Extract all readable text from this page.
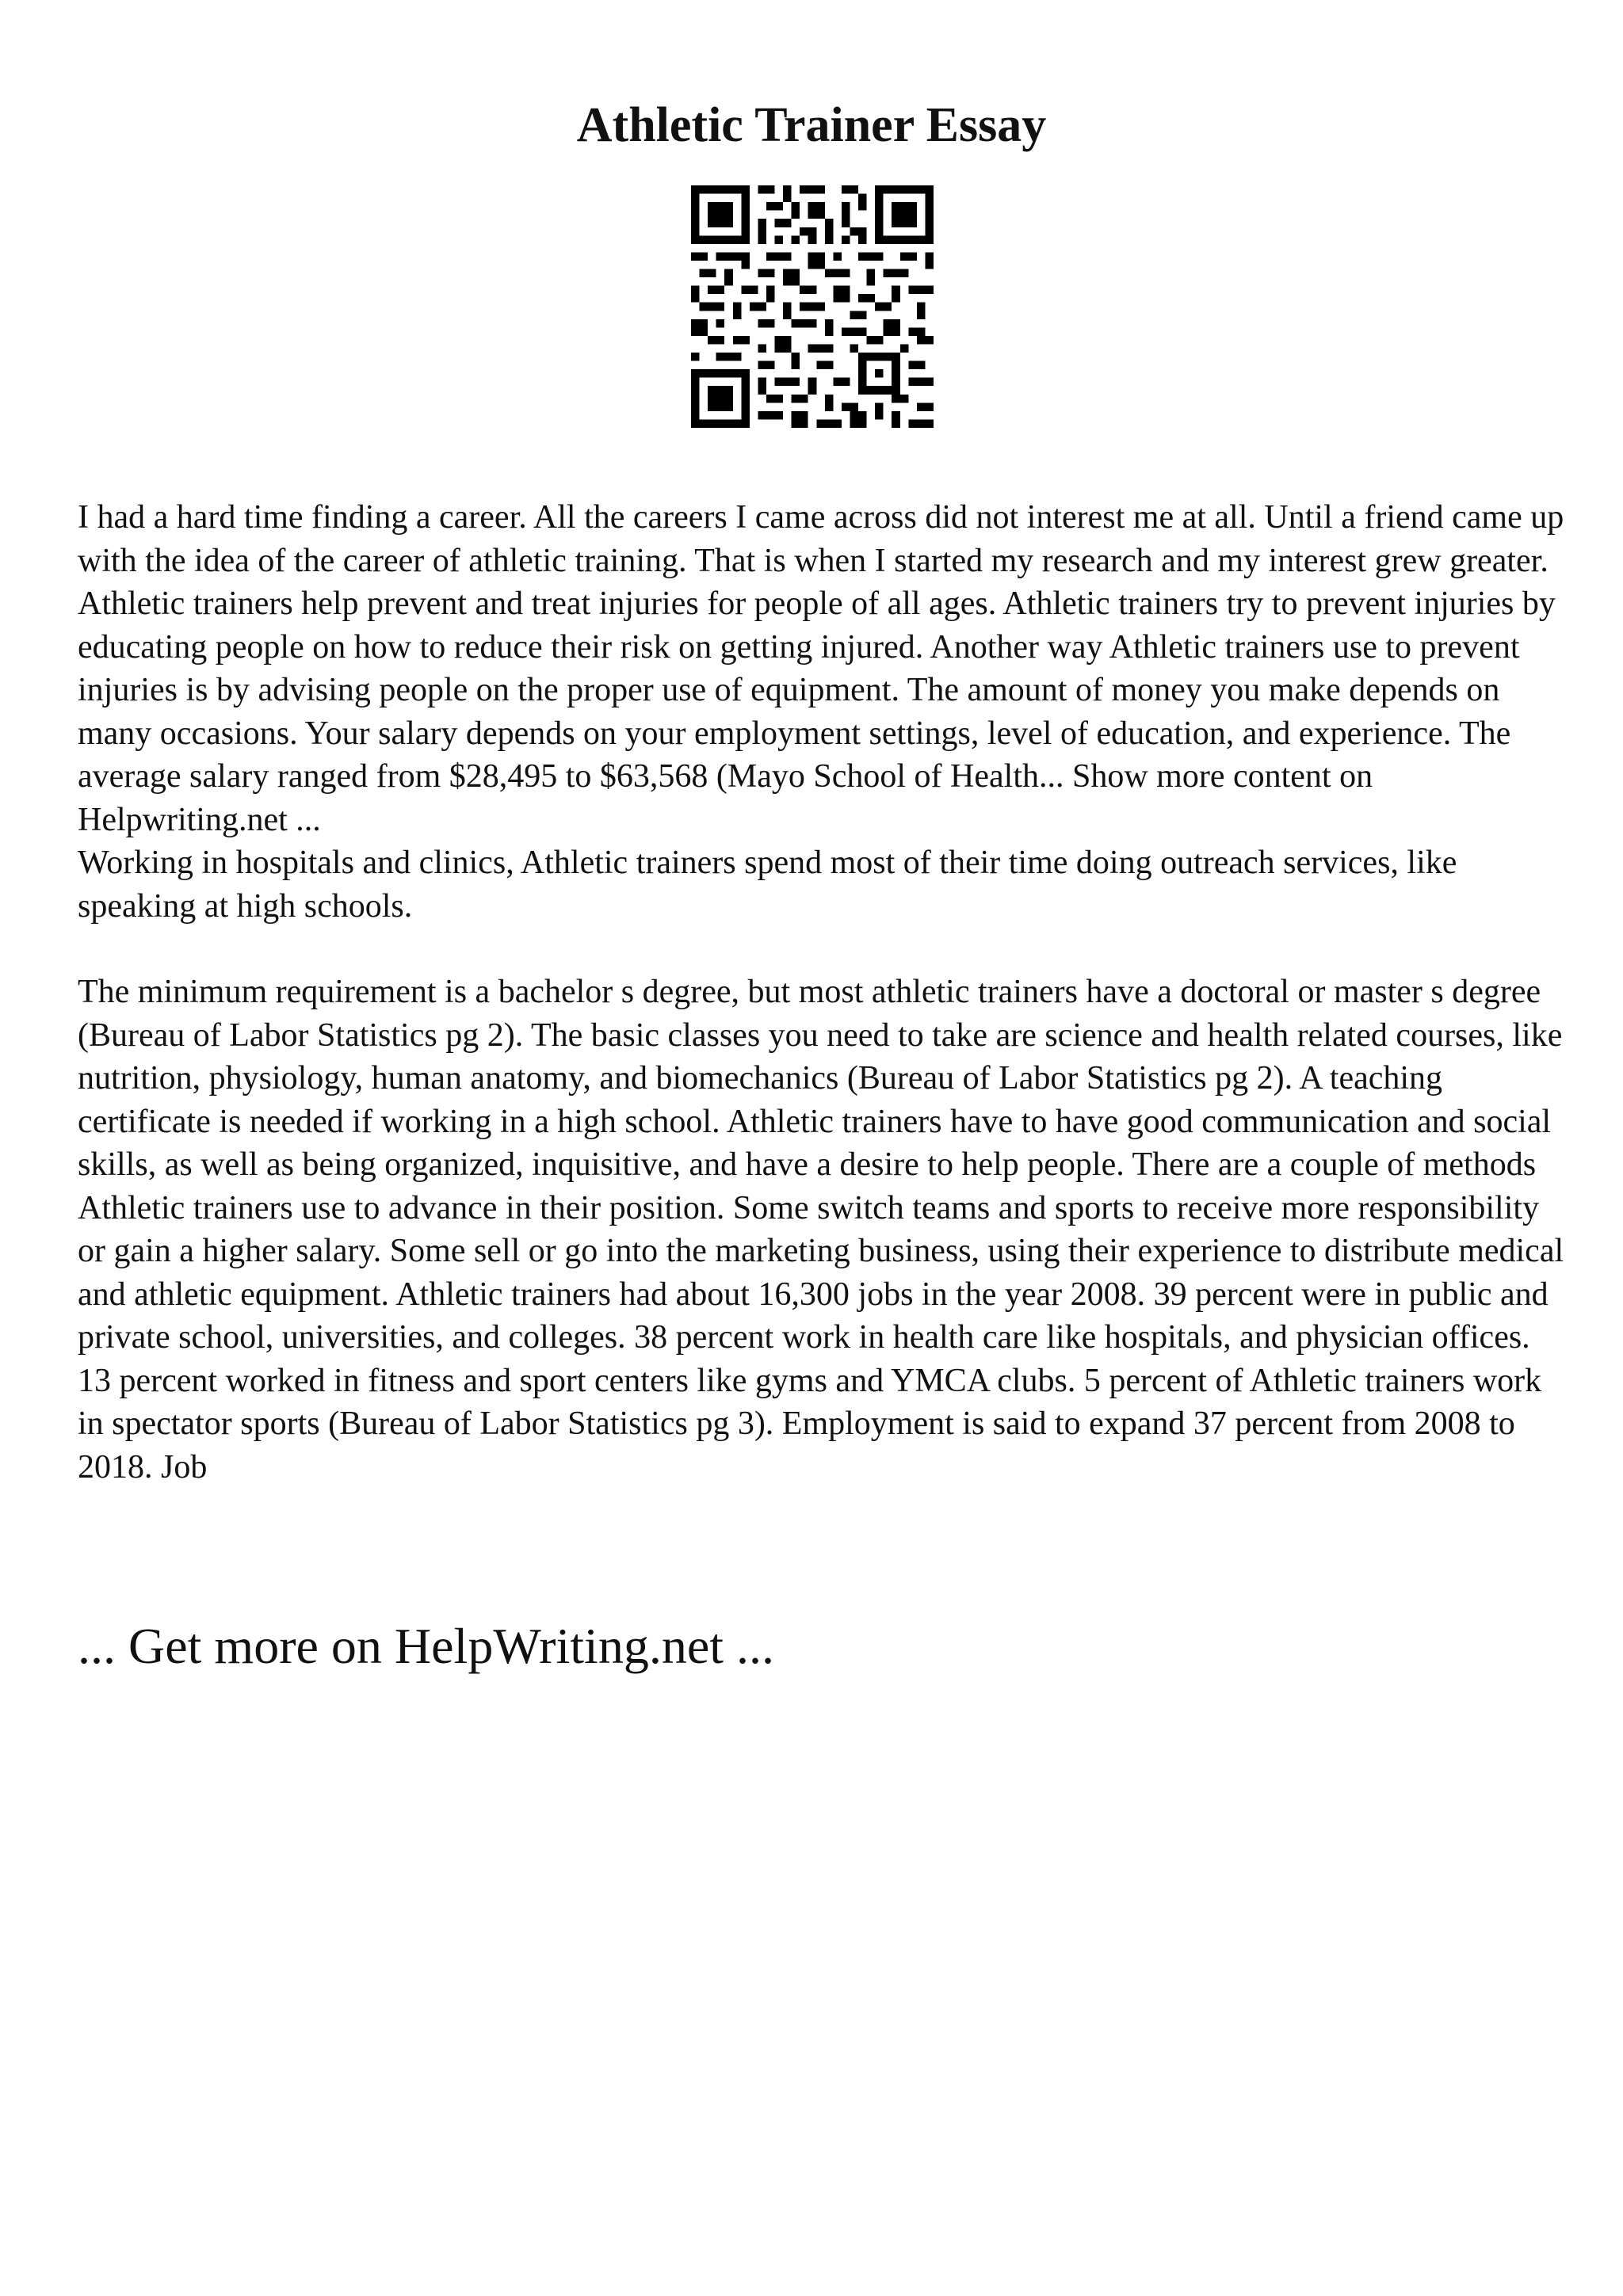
Athletic Trainer Essay

I had a hard time finding a career. All the careers I came across did not interest me at all. Until a friend came up with the idea of the career of athletic training. That is when I started my research and my interest grew greater. Athletic trainers help prevent and treat injuries for people of all ages. Athletic trainers try to prevent injuries by educating people on how to reduce their risk on getting injured. Another way Athletic trainers use to prevent injuries is by advising people on the proper use of equipment. The amount of money you make depends on many occasions. Your salary depends on your employment settings, level of education, and experience. The average salary ranged from $28,495 to $63,568 (Mayo School of Health... Show more content on Helpwriting.net ...

Working in hospitals and clinics, Athletic trainers spend most of their time doing outreach services, like speaking at high schools.

The minimum requirement is a bachelor s degree, but most athletic trainers have a doctoral or master s degree (Bureau of Labor Statistics pg 2). The basic classes you need to take are science and health related courses, like nutrition, physiology, human anatomy, and biomechanics (Bureau of Labor Statistics pg 2). A teaching certificate is needed if working in a high school. Athletic trainers have to have good communication and social skills, as well as being organized, inquisitive, and have a desire to help people. There are a couple of methods Athletic trainers use to advance in their position. Some switch teams and sports to receive more responsibility or gain a higher salary. Some sell or go into the marketing business, using their experience to distribute medical and athletic equipment. Athletic trainers had about 16,300 jobs in the year 2008. 39 percent were in public and private school, universities, and colleges. 38 percent work in health care like hospitals, and physician offices. 13 percent worked in fitness and sport centers like gyms and YMCA clubs. 5 percent of Athletic trainers work in spectator sports (Bureau of Labor Statistics pg 3). Employment is said to expand 37 percent from 2008 to 2018. Job

... Get more on HelpWriting.net ...
